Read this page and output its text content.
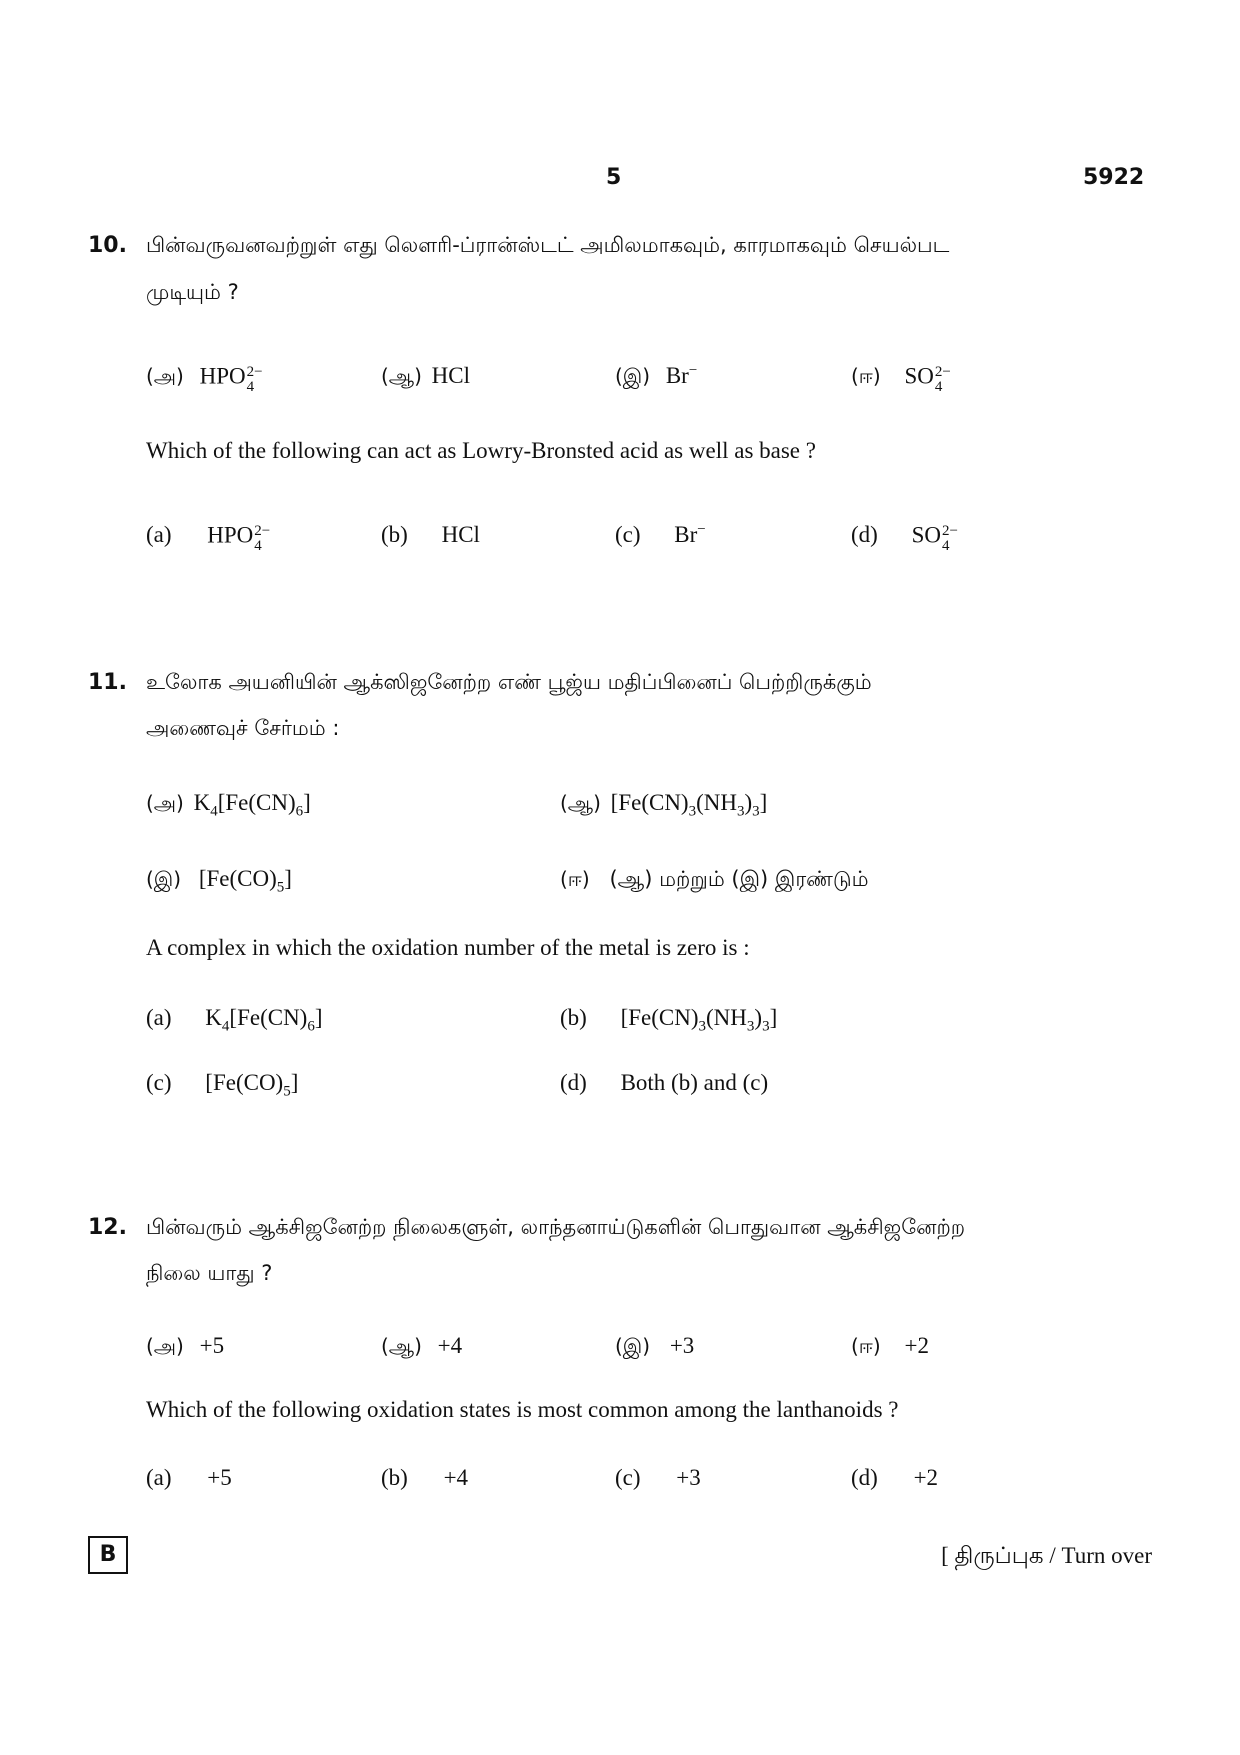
5	5922
10. பின்வருவனவற்றுள் எது லௌரி-ப்ரான்ஸ்டட் அமிலமாகவும், காரமாகவும் செயல்பட
முடியும் ?
(அ) HPO 2−
4	(ஆ) HCl	(இ) Br−	(ஈ) SO 2−
4
Which of the following can act as Lowry-Bronsted acid as well as base ?
(a) HPO 2−
4	(b) HCl	(c) Br−	(d) SO 2−
4
11. உலோக அயனியின் ஆக்ஸிஜனேற்ற எண் பூஜ்ய மதிப்பினைப் பெற்றிருக்கும்
அணைவுச் சேர்மம் :
(அ) $K_4[Fe(CN)_6]$	(ஆ) $[Fe(CN)_3(NH_3)_3]$
(இ) $[Fe(CO)_5]$	(ஈ) (ஆ) மற்றும் (இ) இரண்டும்
A complex in which the oxidation number of the metal is zero is :
(a) $K_4[Fe(CN)_6]$	(b) $[Fe(CN)_3(NH_3)_3]$
(c) $[Fe(CO)_5]$	(d) Both (b) and (c)
12. பின்வரும் ஆக்சிஜனேற்ற நிலைகளுள், லாந்தனாய்டுகளின் பொதுவான ஆக்சிஜனேற்ற
நிலை யாது ?
(அ) +5	(ஆ) +4	(இ) +3	(ஈ) +2
Which of the following oxidation states is most common among the lanthanoids ?
(a) +5	(b) +4	(c) +3	(d) +2
B	[ திருப்புக / Turn over
